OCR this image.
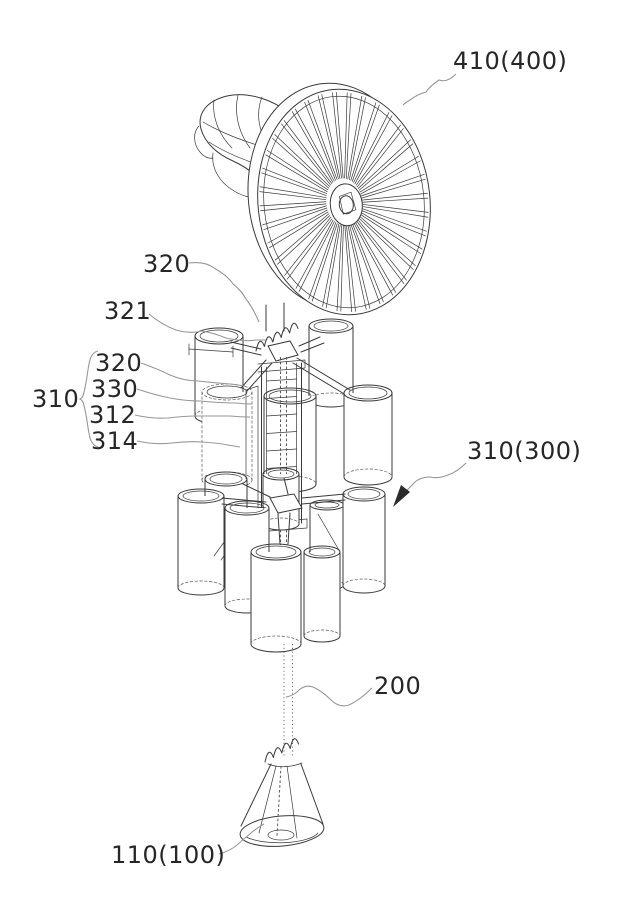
410(400)
320
321
320
330
312
314
310
310(300)
200
110(100)
